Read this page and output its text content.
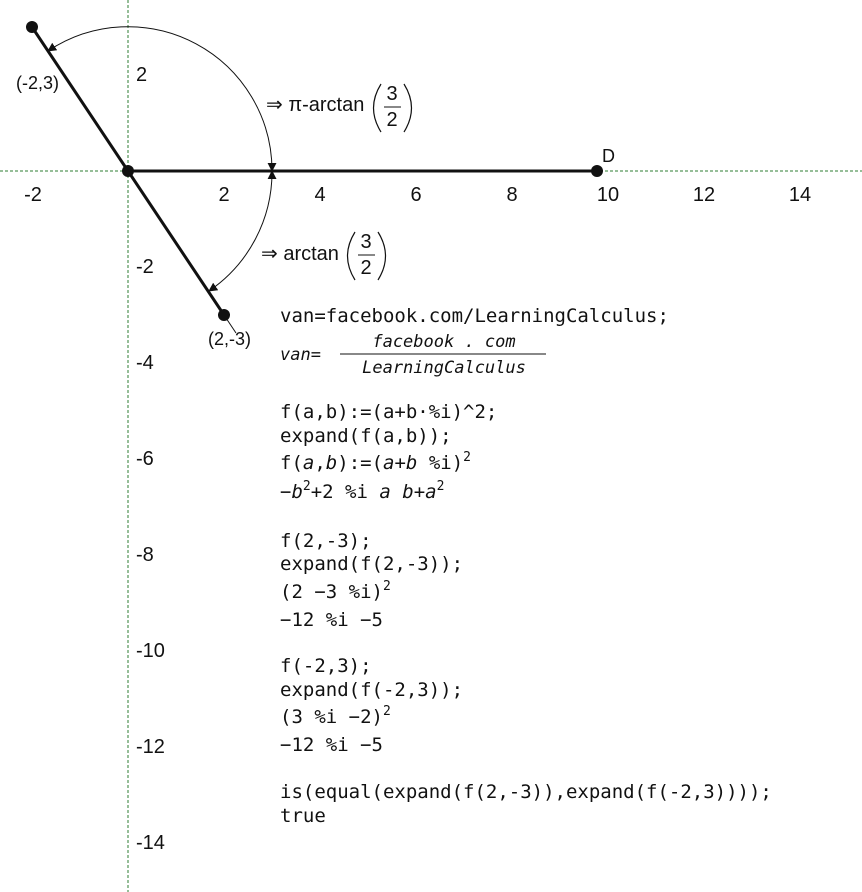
-2	2	4	6	8	10	12	14
2
-2
-4
-6
-8
-10
-12
-14
(-2,3)
(2,-3)
D
⇒ π-arctan 3
2
⇒ arctan
3
2
van=facebook.com/LearningCalculus;
van=
facebook . com
LearningCalculus
f(a,b):=(a+b·%i)^2;
expand(f(a,b));
f(a,b):=(a+b %i)$^2$
$-b^2+2$ %i a $b+a^2$
f(2,-3);
expand(f(2,-3));
(2 −3 %i)$^2$
−12 %i −5
f(-2,3);
expand(f(-2,3));
(3 %i −2)$^2$
−12 %i −5
is(equal(expand(f(2,-3)),expand(f(-2,3))));
true
